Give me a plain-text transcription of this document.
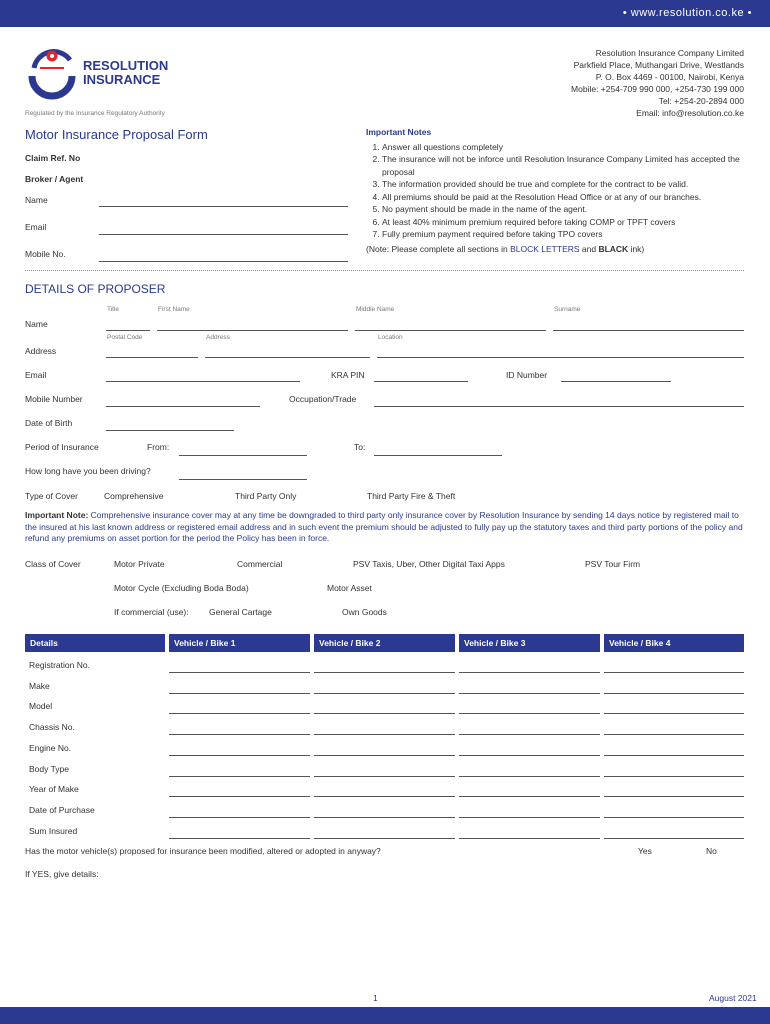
• www.resolution.co.ke •
RESOLUTION
INSURANCE
Regulated by the Insurance Regulatory Authority
Resolution Insurance Company Limited
Parkfield Place, Muthangari Drive, Westlands
P. O. Box 4469 - 00100, Nairobi, Kenya
Mobile: +254-709 990 000, +254-730 199 000
Tel: +254-20-2894 000
Email: info@resolution.co.ke
Motor Insurance Proposal Form
Claim Ref. No
Broker / Agent
Name
Email
Mobile No.
Important Notes
1. Answer all questions completely
2. The insurance will not be inforce until Resolution Insurance Company Limited has accepted the proposal
3. The information provided should be true and complete for the contract to be valid.
4. All premiums should be paid at the Resolution Head Office or at any of our branches.
5. No payment should be made in the name of the agent.
6. At least 40% minimum premium required before taking COMP or TPFT covers
7. Fully premium payment required before taking TPO covers
(Note: Please complete all sections in BLOCK LETTERS and BLACK ink)
DETAILS OF PROPOSER
Title	First Name	Middle Name	Surname
Name
Postal Code	Address	Location
Address
Email	KRA PIN	ID Number
Mobile Number	Occupation/Trade
Date of Birth
Period of Insurance	From:	To:
How long have you been driving?
Type of Cover	Comprehensive	Third Party Only	Third Party Fire & Theft
Important Note: Comprehensive insurance cover may at any time be downgraded to third party only insurance cover by Resolution Insurance by sending 14 days notice by registered mail to the insured at his last known address or registered email address and in such event the premium should be adjusted to fully pay up the statutory taxes and third party portions of the policy and refund any premiums on asset portion for the period the Policy has been in force.
Class of Cover	Motor Private	Commercial	PSV Taxis, Uber, Other Digital Taxi Apps	PSV Tour Firm
Motor Cycle (Excluding Boda Boda)	Motor Asset
If commercial (use): General Cartage	Own Goods
Details	Vehicle / Bike 1	Vehicle / Bike 2	Vehicle / Bike 3	Vehicle / Bike 4
Registration No.
Make
Model
Chassis No.
Engine No.
Body Type
Year of Make
Date of Purchase
Sum Insured
Has the motor vehicle(s) proposed for insurance been modified, altered or adopted in anyway?	Yes	No
If YES, give details:
1	August 2021
